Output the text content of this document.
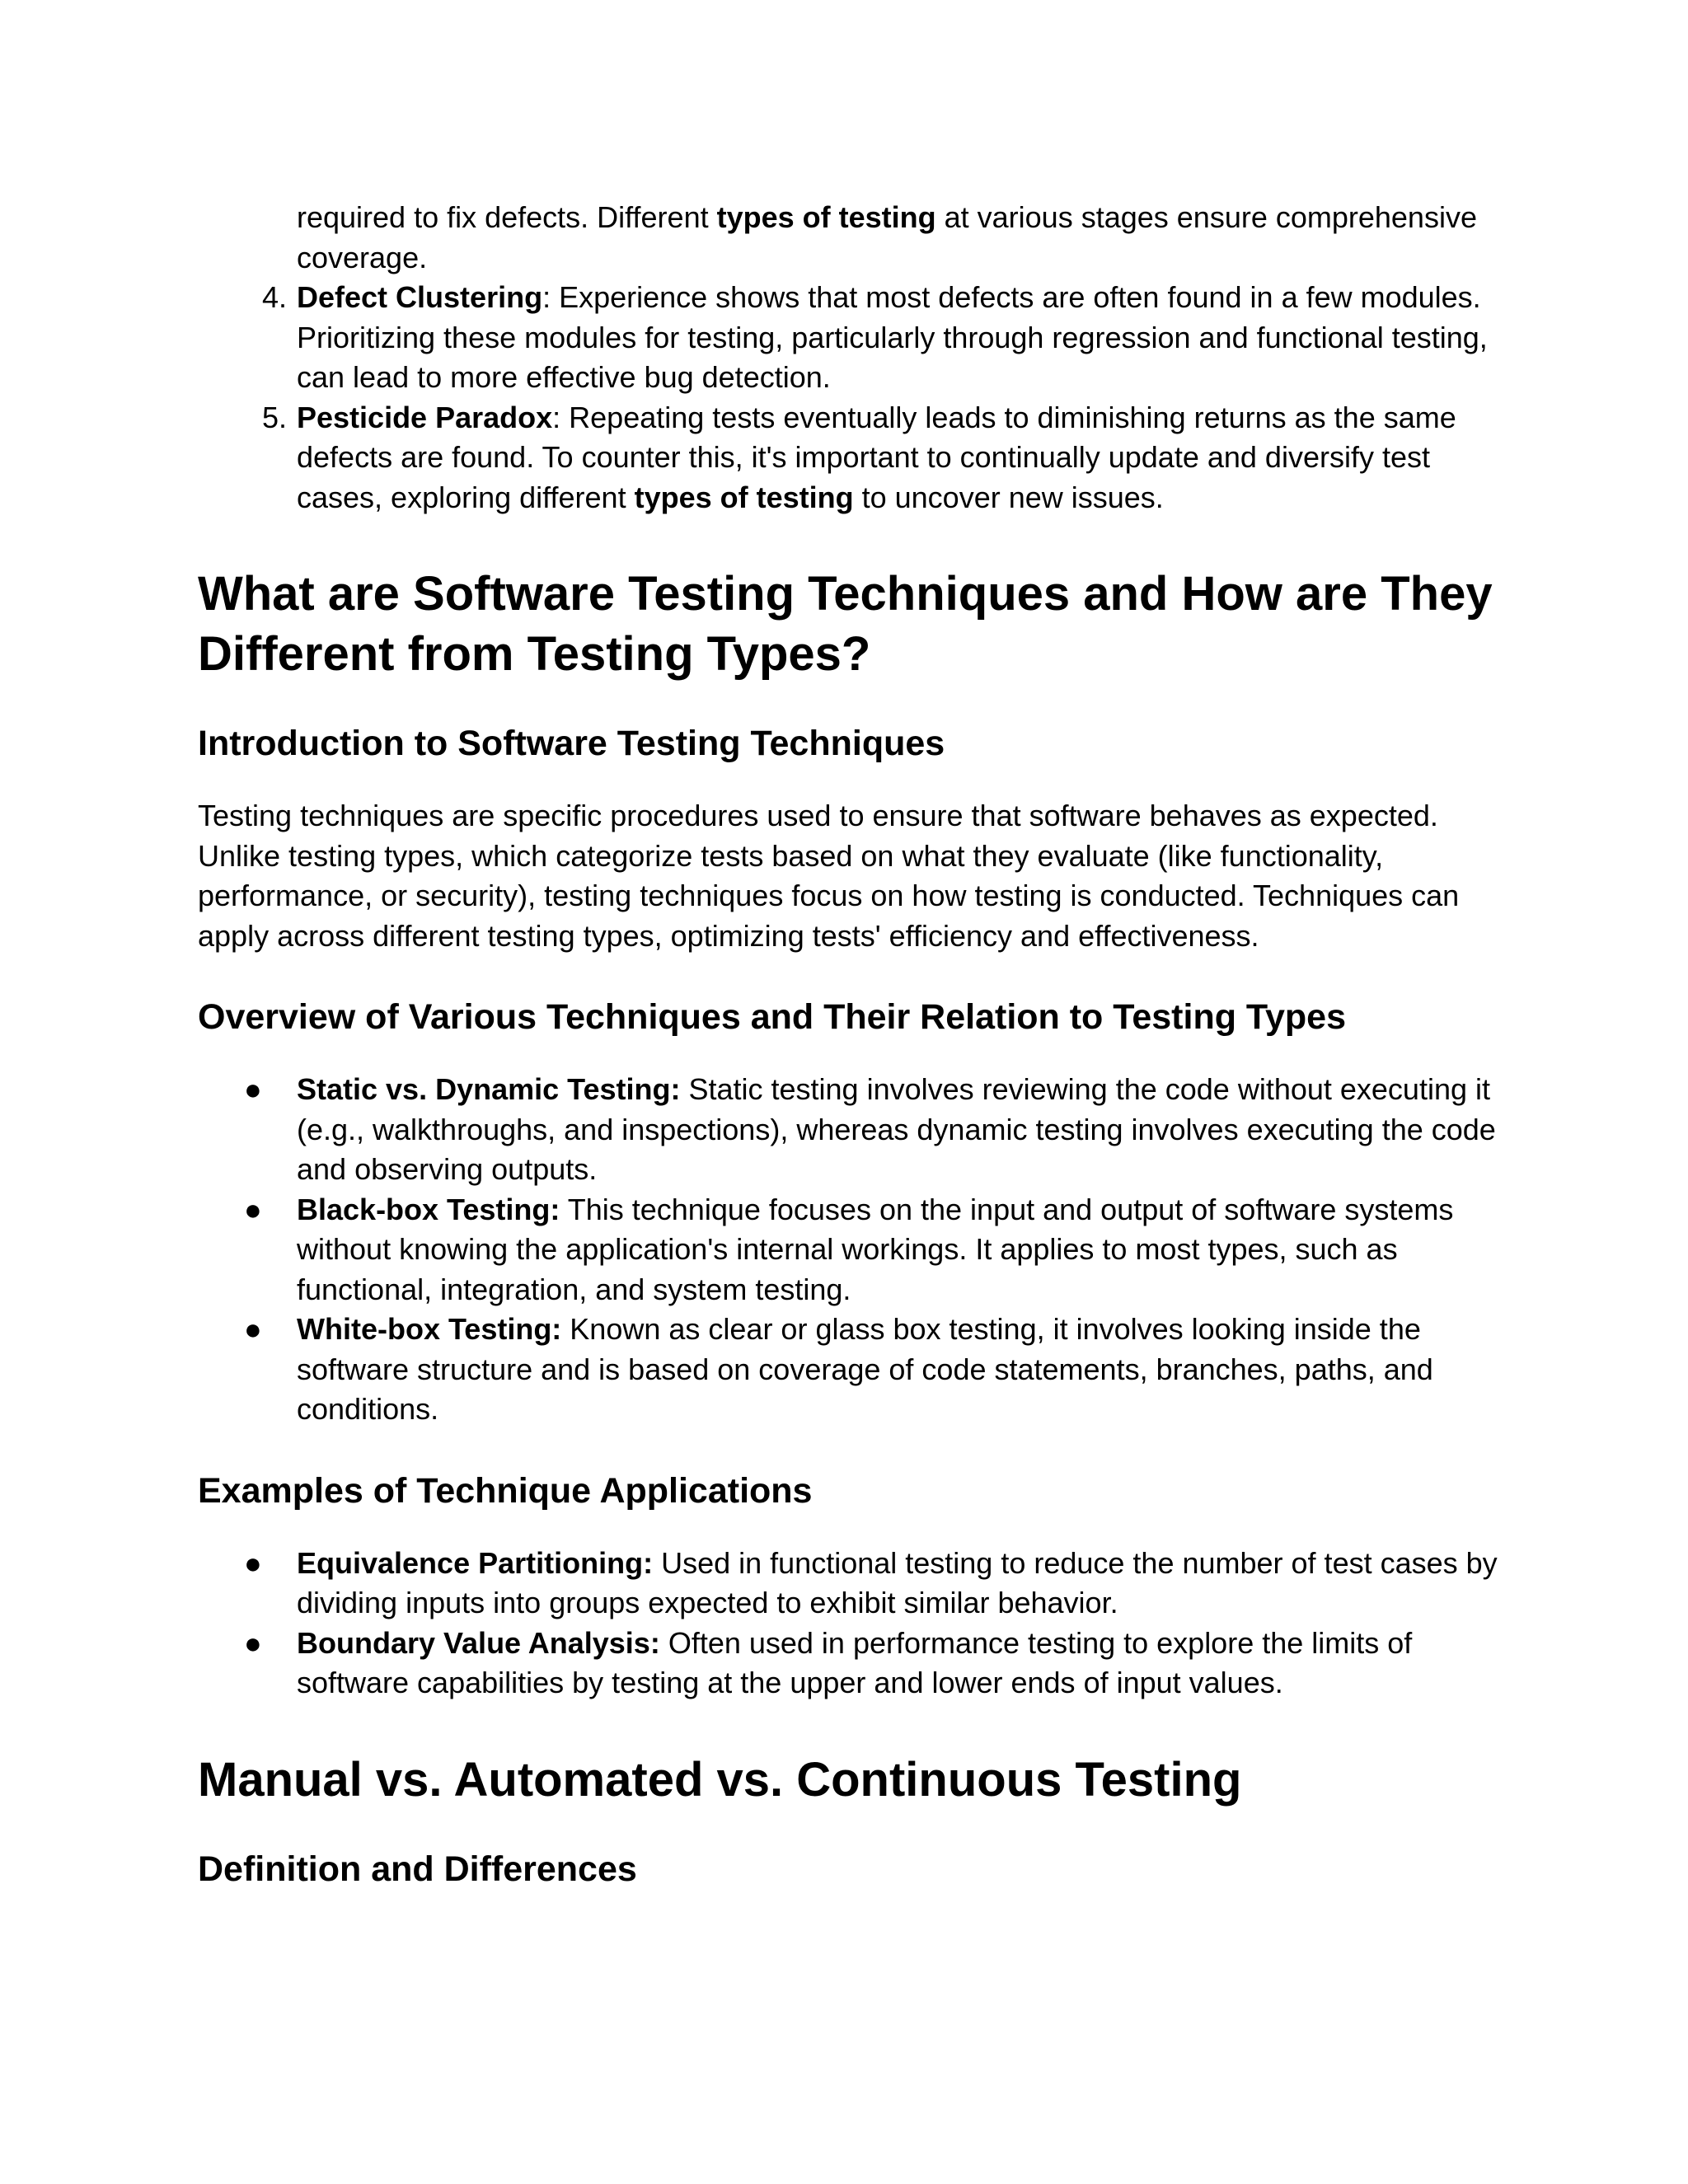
required to fix defects. Different types of testing at various stages ensure comprehensive coverage.
4. Defect Clustering: Experience shows that most defects are often found in a few modules. Prioritizing these modules for testing, particularly through regression and functional testing, can lead to more effective bug detection.
5. Pesticide Paradox: Repeating tests eventually leads to diminishing returns as the same defects are found. To counter this, it's important to continually update and diversify test cases, exploring different types of testing to uncover new issues.
What are Software Testing Techniques and How are They Different from Testing Types?
Introduction to Software Testing Techniques

Testing techniques are specific procedures used to ensure that software behaves as expected. Unlike testing types, which categorize tests based on what they evaluate (like functionality, performance, or security), testing techniques focus on how testing is conducted. Techniques can apply across different testing types, optimizing tests' efficiency and effectiveness.

Overview of Various Techniques and Their Relation to Testing Types
●	Static vs. Dynamic Testing: Static testing involves reviewing the code without executing it (e.g., walkthroughs, and inspections), whereas dynamic testing involves executing the code and observing outputs.
●	Black-box Testing: This technique focuses on the input and output of software systems without knowing the application's internal workings. It applies to most types, such as functional, integration, and system testing.
●	White-box Testing: Known as clear or glass box testing, it involves looking inside the software structure and is based on coverage of code statements, branches, paths, and conditions.
Examples of Technique Applications
●	Equivalence Partitioning: Used in functional testing to reduce the number of test cases by dividing inputs into groups expected to exhibit similar behavior.
●	Boundary Value Analysis: Often used in performance testing to explore the limits of software capabilities by testing at the upper and lower ends of input values.
Manual vs. Automated vs. Continuous Testing
Definition and Differences
